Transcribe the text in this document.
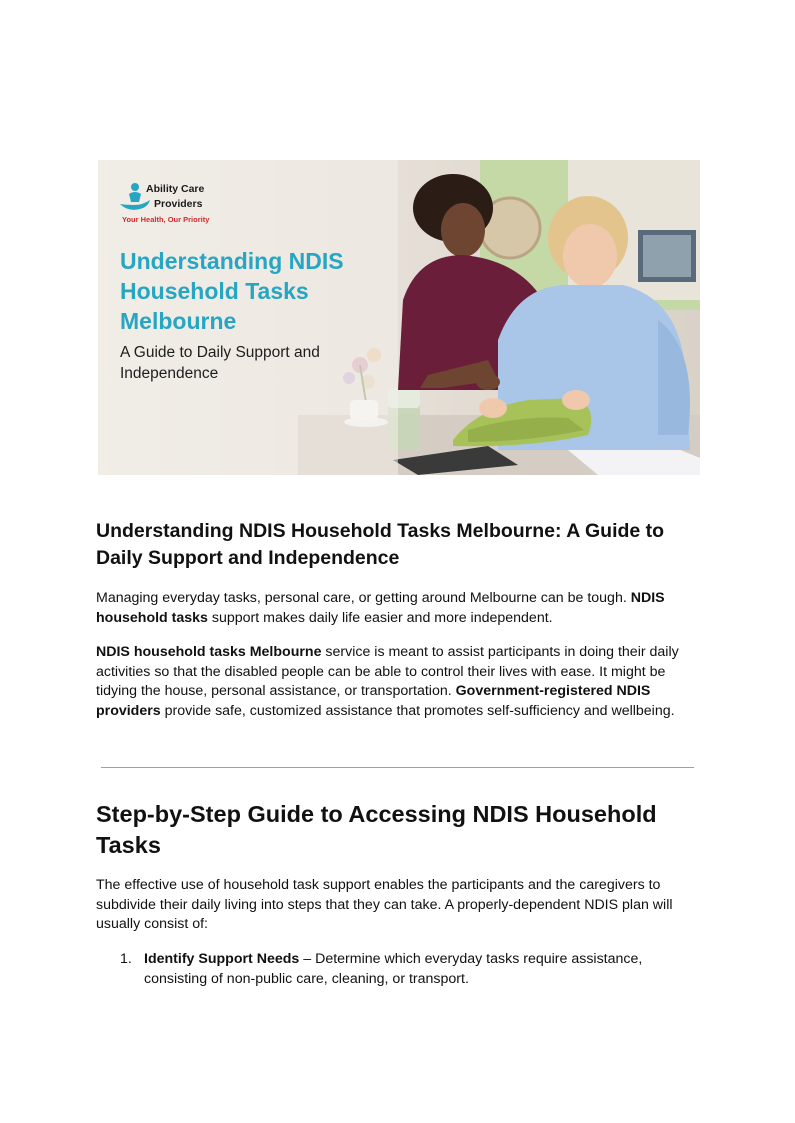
Ability Care
Providers
Your Health, Our Priority
Understanding NDIS
Household Tasks
Melbourne

A Guide to Daily Support and
Independence

Understanding NDIS Household Tasks Melbourne: A Guide to Daily Support and Independence

Managing everyday tasks, personal care, or getting around Melbourne can be tough. NDIS household tasks support makes daily life easier and more independent.

NDIS household tasks Melbourne service is meant to assist participants in doing their daily activities so that the disabled people can be able to control their lives with ease. It might be tidying the house, personal assistance, or transportation. Government-registered NDIS providers provide safe, customized assistance that promotes self-sufficiency and wellbeing.

Step-by-Step Guide to Accessing NDIS Household Tasks

The effective use of household task support enables the participants and the caregivers to subdivide their daily living into steps that they can take. A properly-dependent NDIS plan will usually consist of:

1. Identify Support Needs – Determine which everyday tasks require assistance, consisting of non-public care, cleaning, or transport.
